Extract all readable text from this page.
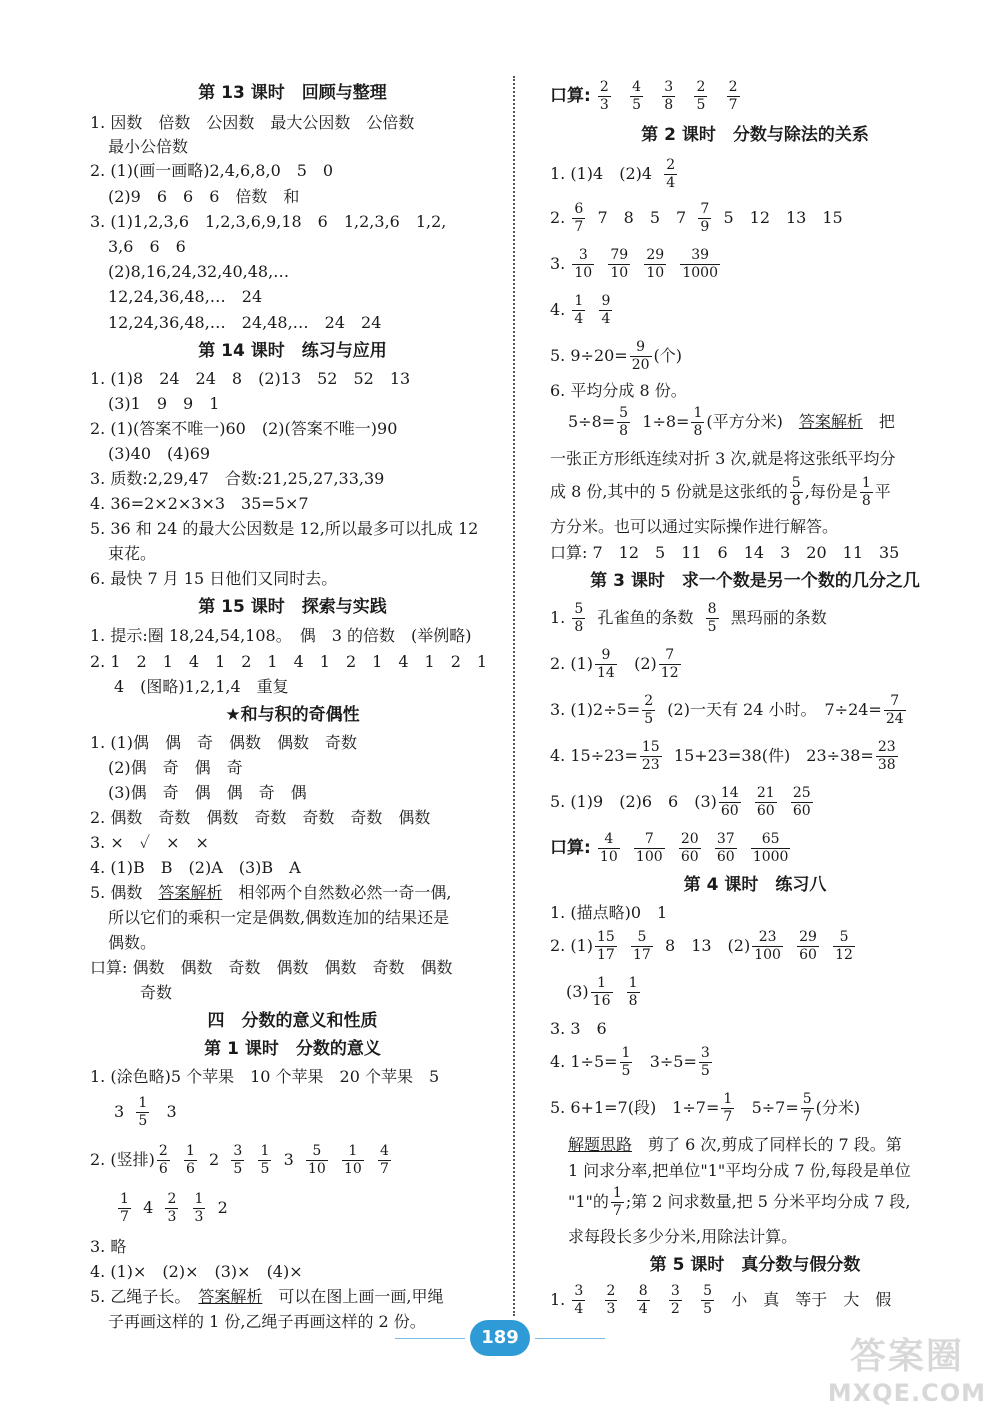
第 13 课时　回顾与整理
1. 因数　倍数　公因数　最大公因数　公倍数
最小公倍数
2. (1)(画一画略)2,4,6,8,0　5　0
(2)9　6　6　6　倍数　和
3. (1)1,2,3,6　1,2,3,6,9,18　6　1,2,3,6　1,2,
3,6　6　6
(2)8,16,24,32,40,48,…
12,24,36,48,…　24
12,24,36,48,…　24,48,…　24　24
第 14 课时　练习与应用
1. (1)8　24　24　8　(2)13　52　52　13
(3)1　9　9　1
2. (1)(答案不唯一)60　(2)(答案不唯一)90
(3)40　(4)69
3. 质数:2,29,47　合数:21,25,27,33,39
4. 36=2×2×3×3　35=5×7
5. 36 和 24 的最大公因数是 12,所以最多可以扎成 12
束花。
6. 最快 7 月 15 日他们又同时去。
第 15 课时　探索与实践
1. 提示:圈 18,24,54,108。　偶　3 的倍数　(举例略)
2. 1　2　1　4　1　2　1　4　1　2　1　4　1　2　1
4　(图略)1,2,1,4　重复
★和与积的奇偶性
1. (1)偶　偶　奇　偶数　偶数　奇数
(2)偶　奇　偶　奇
(3)偶　奇　偶　偶　奇　偶
2. 偶数　奇数　偶数　奇数　奇数　奇数　偶数
3. ×　✓　×　×
4. (1)B　B　(2)A　(3)B　A
5. 偶数　答案解析　相邻两个自然数必然一奇一偶,
所以它们的乘积一定是偶数,偶数连加的结果还是
偶数。
口算: 偶数　偶数　奇数　偶数　偶数　奇数　偶数
奇数
四　分数的意义和性质
第 1 课时　分数的意义
1. (涂色略)5 个苹果　10 个苹果　20 个苹果　5
$3 \frac{1}{5} 3$
2. (竖排) $\frac{2}{6}$
$\frac{1}{6} 2 \frac{3}{5}$
$\frac{1}{5} 3 \frac{5}{10}$
$\frac{1}{10}$
$\frac{4}{7}$
$\frac{1}{7} 4 \frac{2}{3}$
$\frac{1}{3} 2$
3. 略
4. (1)×　(2)×　(3)×　(4)×
5. 乙绳子长。　答案解析　可以在图上画一画,甲绳
子再画这样的 1 份,乙绳子再画这样的 2 份。
口算: $\frac{2}{3}$
$\frac{4}{5}$
$\frac{3}{8}$
$\frac{2}{5}$
$\frac{2}{7}$
第 2 课时　分数与除法的关系
1. (1)4　$(2)4 \frac{2}{4}$
2. $\frac{6}{7} 7$　8　5　$7 \frac{7}{9} 5$　12　13　15
3. $\frac{3}{10}$
$\frac{79}{10}$
$\frac{29}{10}$
$\frac{39}{1000}$
4. $\frac{1}{4}$
$\frac{9}{4}$
5. $9\div 20= \frac{9}{20}$ (个)
6. 平均分成 8 份。
$5\div 8= \frac{5}{8} 1\div 8= \frac{1}{8}$ (平方分米)　答案解析　把
一张正方形纸连续对折 3 次,就是将这张纸平均分
成 8 份,其中的 5 份就是这张纸的 $\frac{5}{8}$ ,每份是 $\frac{1}{8}$ 平
方分米。也可以通过实际操作进行解答。
口算: 7　12　5　11　6　14　3　20　11　35
第 3 课时　求一个数是另一个数的几分之几
1. $\frac{5}{8}$ 孔雀鱼的条数 $\frac{8}{5}$ 黑玛丽的条数
2. $(1) \frac{9}{14} (2) \frac{7}{12}$
3. $(1)2\div 5= \frac{2}{5} (2)$一天有 24 小时。　$7\div 24= \frac{7}{24}$
4. $15\div 23= \frac{15}{23} 15+23=38$(件)　$23\div 38= \frac{23}{38}$
5. (1)9　(2)6　6　$(3) \frac{14}{60}$
$\frac{21}{60}$
$\frac{25}{60}$
口算: $\frac{4}{10}$
$\frac{7}{100}$
$\frac{20}{60}$
$\frac{37}{60}$
$\frac{65}{1000}$
第 4 课时　练习八
1. (描点略)0　1
2. $(1) \frac{15}{17}$
$\frac{5}{17} 8$　13　$(2) \frac{23}{100}$
$\frac{29}{60}$
$\frac{5}{12}$
$(3) \frac{1}{16}$
$\frac{1}{8}$
3. 3　6
4. $1\div 5= \frac{1}{5} 3\div 5= \frac{3}{5}$
5. 6+1=7(段)　$1\div 7= \frac{1}{7} 5\div 7= \frac{5}{7}$ (分米)
解题思路　剪了 6 次,剪成了同样长的 7 段。第
1 问求分率,把单位"1"平均分成 7 份,每段是单位
"1"的 $\frac{1}{7}$ ;第 2 问求数量,把 5 分米平均分成 7 段,
求每段长多少分米,用除法计算。
第 5 课时　真分数与假分数
1. $\frac{3}{4}$
$\frac{2}{3}$
$\frac{8}{4}$
$\frac{3}{2}$
$\frac{5}{5}$ 小　真　等于　大　假
189	答案圈
MXQE.COM
